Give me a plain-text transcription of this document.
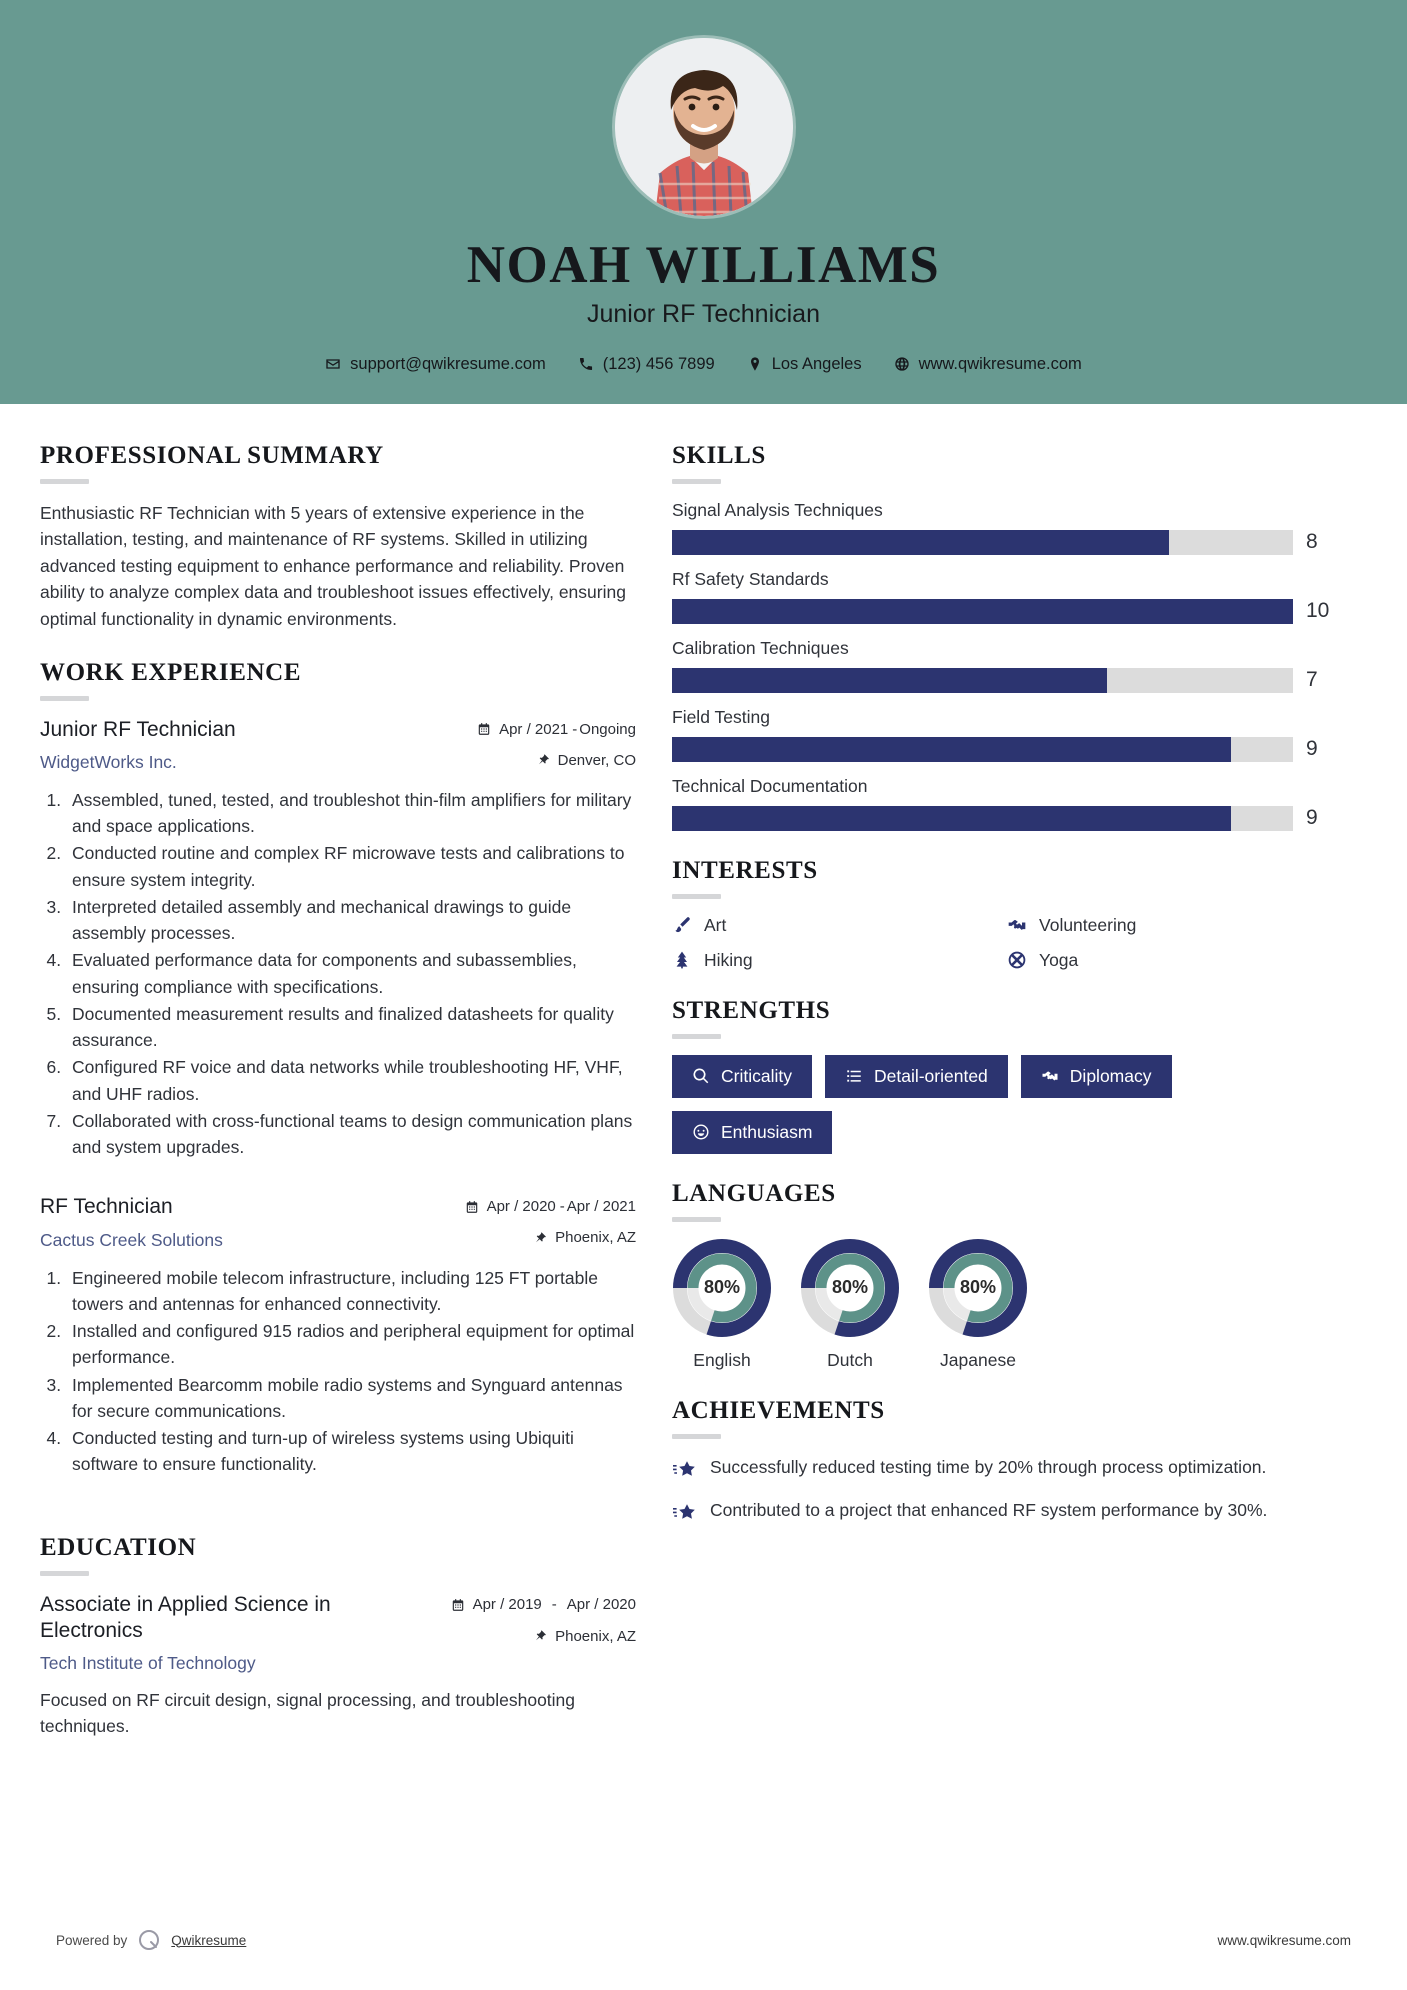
NOAH WILLIAMS
Junior RF Technician
support@qwikresume.com	(123) 456 7899	Los Angeles	www.qwikresume.com
PROFESSIONAL SUMMARY
Enthusiastic RF Technician with 5 years of extensive experience in the installation, testing, and maintenance of RF systems. Skilled in utilizing advanced testing equipment to enhance performance and reliability. Proven ability to analyze complex data and troubleshoot issues effectively, ensuring optimal functionality in dynamic environments.
WORK EXPERIENCE
Junior RF Technician
WidgetWorks Inc.
Apr / 2021 - Ongoing
Denver, CO
1. Assembled, tuned, tested, and troubleshot thin-film amplifiers for military and space applications.
2. Conducted routine and complex RF microwave tests and calibrations to ensure system integrity.
3. Interpreted detailed assembly and mechanical drawings to guide assembly processes.
4. Evaluated performance data for components and subassemblies, ensuring compliance with specifications.
5. Documented measurement results and finalized datasheets for quality assurance.
6. Configured RF voice and data networks while troubleshooting HF, VHF, and UHF radios.
7. Collaborated with cross-functional teams to design communication plans and system upgrades.
RF Technician
Cactus Creek Solutions
Apr / 2020 - Apr / 2021
Phoenix, AZ
1. Engineered mobile telecom infrastructure, including 125 FT portable towers and antennas for enhanced connectivity.
2. Installed and configured 915 radios and peripheral equipment for optimal performance.
3. Implemented Bearcomm mobile radio systems and Synguard antennas for secure communications.
4. Conducted testing and turn-up of wireless systems using Ubiquiti software to ensure functionality.
EDUCATION
Associate in Applied Science in Electronics
Tech Institute of Technology
Apr / 2019 - Apr / 2020
Phoenix, AZ
Focused on RF circuit design, signal processing, and troubleshooting techniques.
SKILLS
Signal Analysis Techniques
8
Rf Safety Standards
10
Calibration Techniques
7
Field Testing
9
Technical Documentation
9
INTERESTS
Art	Volunteering
Hiking	Yoga
STRENGTHS
Criticality	Detail-oriented	Diplomacy
Enthusiasm
LANGUAGES
80%
English
80%
Dutch
80%
Japanese
ACHIEVEMENTS
Successfully reduced testing time by 20% through process optimization.
Contributed to a project that enhanced RF system performance by 30%.
Powered by	Qwikresume	www.qwikresume.com
